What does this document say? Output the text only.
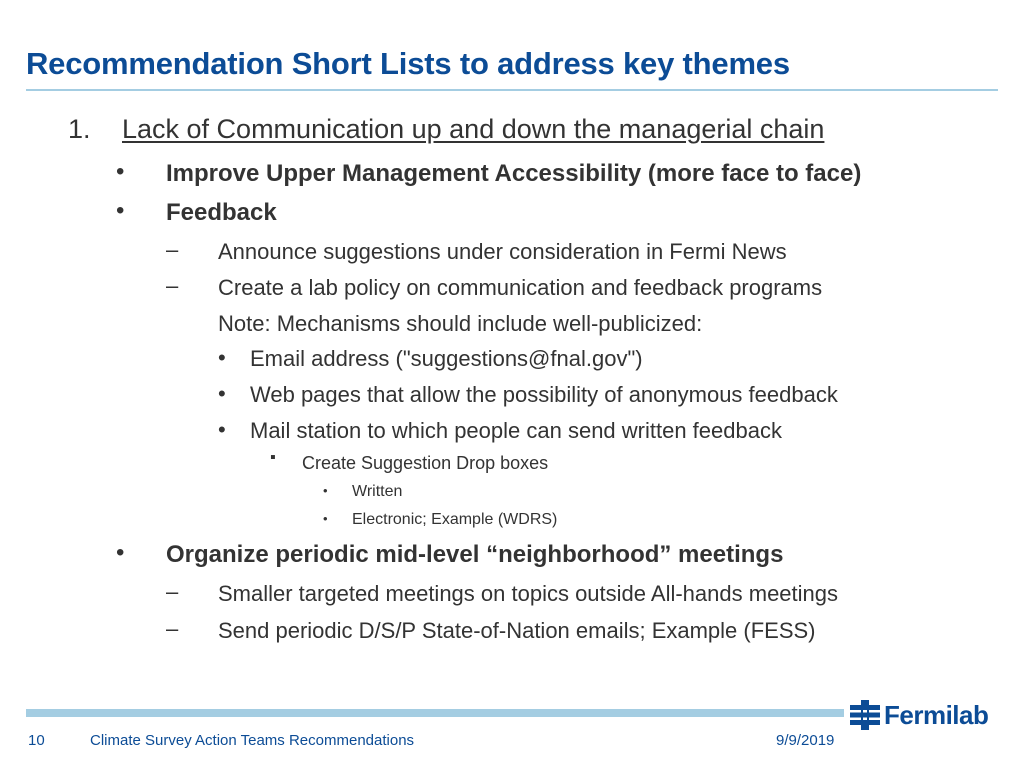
Recommendation Short Lists to address key themes
1. Lack of Communication up and down the managerial chain
• Improve Upper Management Accessibility (more face to face)
• Feedback
– Announce suggestions under consideration in Fermi News
– Create a lab policy on communication and feedback programs
Note: Mechanisms should include well-publicized:
• Email address ("suggestions@fnal.gov")
• Web pages that allow the possibility of anonymous feedback
• Mail station to which people can send written feedback
▪ Create Suggestion Drop boxes
• Written
• Electronic; Example (WDRS)
• Organize periodic mid-level “neighborhood” meetings
– Smaller targeted meetings on topics outside All-hands meetings
– Send periodic D/S/P State-of-Nation emails; Example (FESS)
Fermilab
10	Climate Survey Action Teams Recommendations	9/9/2019
